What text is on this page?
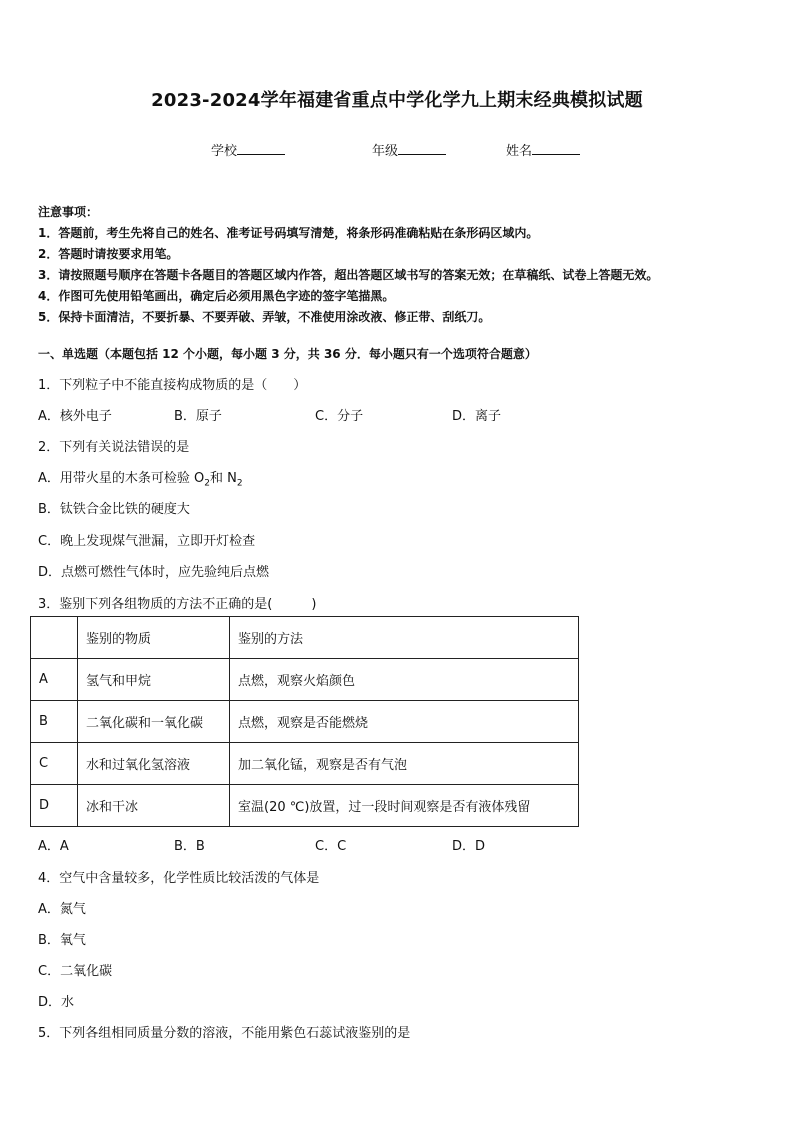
2023-2024学年福建省重点中学化学九上期末经典模拟试题
学校	年级	姓名
注意事项：
1．答题前，考生先将自己的姓名、准考证号码填写清楚，将条形码准确粘贴在条形码区域内。
2．答题时请按要求用笔。
3．请按照题号顺序在答题卡各题目的答题区域内作答，超出答题区域书写的答案无效；在草稿纸、试卷上答题无效。
4．作图可先使用铅笔画出，确定后必须用黑色字迹的签字笔描黑。
5．保持卡面清洁，不要折暴、不要弄破、弄皱，不准使用涂改液、修正带、刮纸刀。
一、单选题（本题包括 12 个小题，每小题 3 分，共 36 分．每小题只有一个选项符合题意）
1．下列粒子中不能直接构成物质的是（　　）
A．核外电子	B．原子	C．分子	D．离子
2．下列有关说法错误的是
A．用带火星的木条可检验 $O_2$和 $N_2$
B．钛铁合金比铁的硬度大
C．晚上发现煤气泄漏，立即开灯检查
D．点燃可燃性气体时，应先验纯后点燃
3．鉴别下列各组物质的方法不正确的是(　　　)
	鉴别的物质	鉴别的方法
A	氢气和甲烷	点燃，观察火焰颜色
B	二氧化碳和一氧化碳	点燃，观察是否能燃烧
C	水和过氧化氢溶液	加二氧化锰，观察是否有气泡
D	冰和干冰	室温(20 ℃)放置，过一段时间观察是否有液体残留
A．A	B．B	C．C	D．D
4．空气中含量较多，化学性质比较活泼的气体是
A．氮气
B．氧气
C．二氧化碳
D．水
5．下列各组相同质量分数的溶液，不能用紫色石蕊试液鉴别的是
